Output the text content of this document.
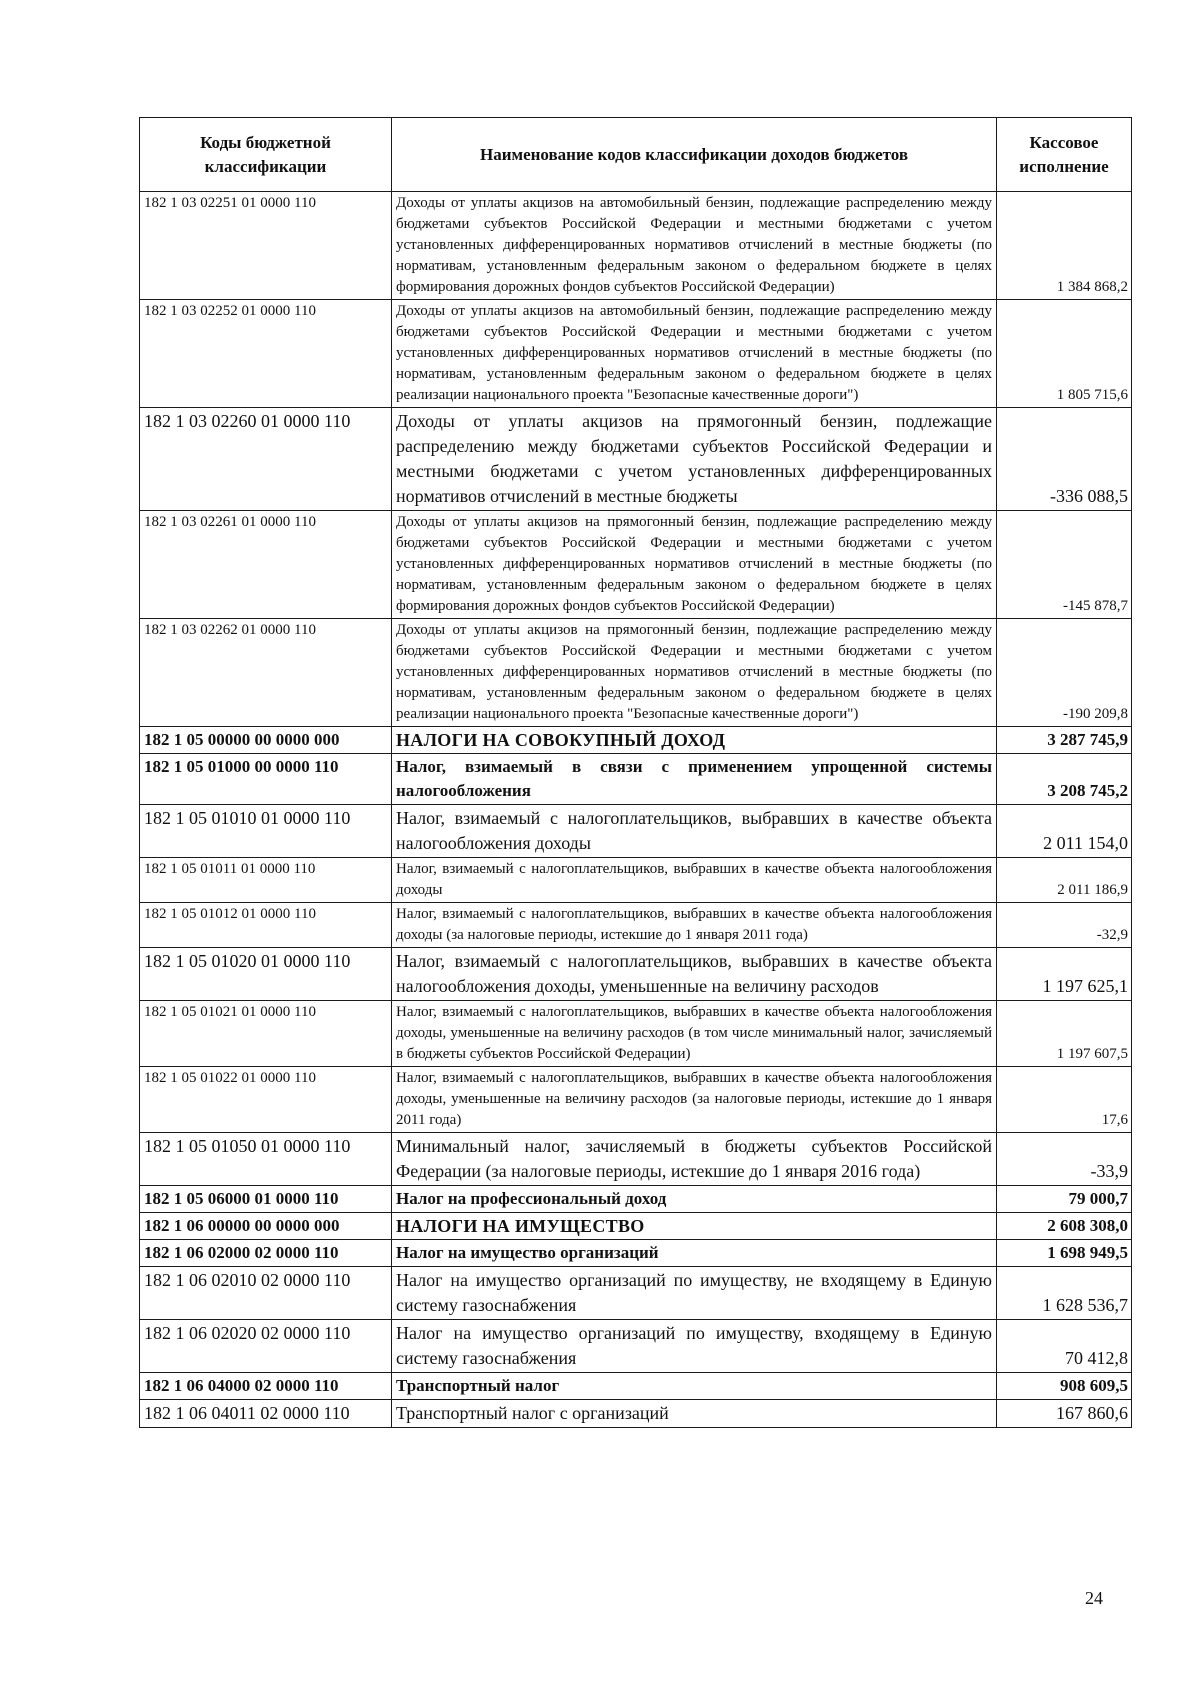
Коды бюджетной классификации	Наименование кодов классификации доходов бюджетов	Кассовое исполнение
182 1 03 02251 01 0000 110	Доходы от уплаты акцизов на автомобильный бензин, подлежащие распределению между бюджетами субъектов Российской Федерации и местными бюджетами с учетом установленных дифференцированных нормативов отчислений в местные бюджеты (по нормативам, установленным федеральным законом о федеральном бюджете в целях формирования дорожных фондов субъектов Российской Федерации)	1 384 868,2
182 1 03 02252 01 0000 110	Доходы от уплаты акцизов на автомобильный бензин, подлежащие распределению между бюджетами субъектов Российской Федерации и местными бюджетами с учетом установленных дифференцированных нормативов отчислений в местные бюджеты (по нормативам, установленным федеральным законом о федеральном бюджете в целях реализации национального проекта "Безопасные качественные дороги")	1 805 715,6
182 1 03 02260 01 0000 110	Доходы от уплаты акцизов на прямогонный бензин, подлежащие распределению между бюджетами субъектов Российской Федерации и местными бюджетами с учетом установленных дифференцированных нормативов отчислений в местные бюджеты	-336 088,5
182 1 03 02261 01 0000 110	Доходы от уплаты акцизов на прямогонный бензин, подлежащие распределению между бюджетами субъектов Российской Федерации и местными бюджетами с учетом установленных дифференцированных нормативов отчислений в местные бюджеты (по нормативам, установленным федеральным законом о федеральном бюджете в целях формирования дорожных фондов субъектов Российской Федерации)	-145 878,7
182 1 03 02262 01 0000 110	Доходы от уплаты акцизов на прямогонный бензин, подлежащие распределению между бюджетами субъектов Российской Федерации и местными бюджетами с учетом установленных дифференцированных нормативов отчислений в местные бюджеты (по нормативам, установленным федеральным законом о федеральном бюджете в целях реализации национального проекта "Безопасные качественные дороги")	-190 209,8
182 1 05 00000 00 0000 000	НАЛОГИ НА СОВОКУПНЫЙ ДОХОД	3 287 745,9
182 1 05 01000 00 0000 110	Налог, взимаемый в связи с применением упрощенной системы налогообложения	3 208 745,2
182 1 05 01010 01 0000 110	Налог, взимаемый с налогоплательщиков, выбравших в качестве объекта налогообложения доходы	2 011 154,0
182 1 05 01011 01 0000 110	Налог, взимаемый с налогоплательщиков, выбравших в качестве объекта налогообложения доходы	2 011 186,9
182 1 05 01012 01 0000 110	Налог, взимаемый с налогоплательщиков, выбравших в качестве объекта налогообложения доходы (за налоговые периоды, истекшие до 1 января 2011 года)	-32,9
182 1 05 01020 01 0000 110	Налог, взимаемый с налогоплательщиков, выбравших в качестве объекта налогообложения доходы, уменьшенные на величину расходов	1 197 625,1
182 1 05 01021 01 0000 110	Налог, взимаемый с налогоплательщиков, выбравших в качестве объекта налогообложения доходы, уменьшенные на величину расходов (в том числе минимальный налог, зачисляемый в бюджеты субъектов Российской Федерации)	1 197 607,5
182 1 05 01022 01 0000 110	Налог, взимаемый с налогоплательщиков, выбравших в качестве объекта налогообложения доходы, уменьшенные на величину расходов (за налоговые периоды, истекшие до 1 января 2011 года)	17,6
182 1 05 01050 01 0000 110	Минимальный налог, зачисляемый в бюджеты субъектов Российской Федерации (за налоговые периоды, истекшие до 1 января 2016 года)	-33,9
182 1 05 06000 01 0000 110	Налог на профессиональный доход	79 000,7
182 1 06 00000 00 0000 000	НАЛОГИ НА ИМУЩЕСТВО	2 608 308,0
182 1 06 02000 02 0000 110	Налог на имущество организаций	1 698 949,5
182 1 06 02010 02 0000 110	Налог на имущество организаций по имуществу, не входящему в Единую систему газоснабжения	1 628 536,7
182 1 06 02020 02 0000 110	Налог на имущество организаций по имуществу, входящему в Единую систему газоснабжения	70 412,8
182 1 06 04000 02 0000 110	Транспортный налог	908 609,5
182 1 06 04011 02 0000 110	Транспортный налог с организаций	167 860,6
24
